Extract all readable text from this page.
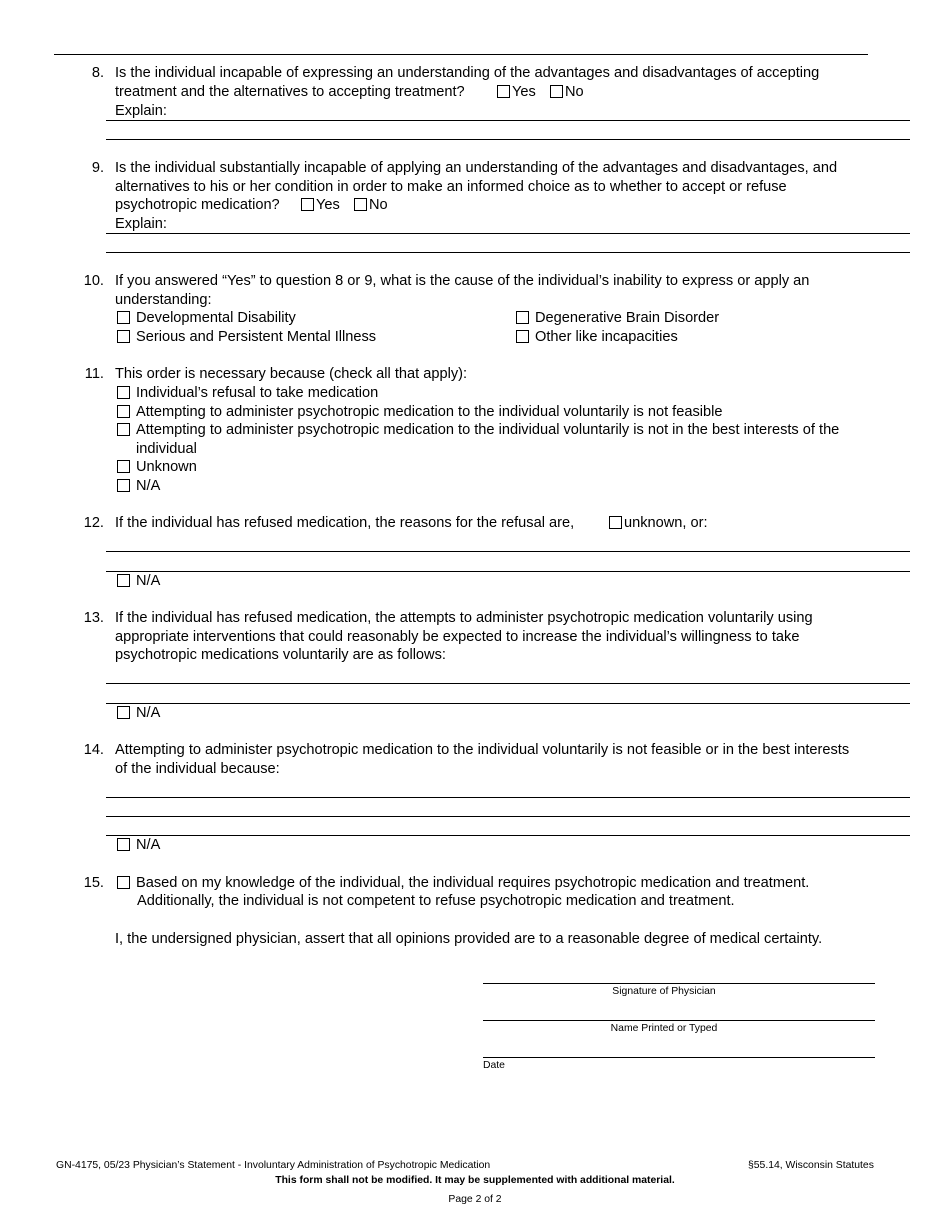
8. Is the individual incapable of expressing an understanding of the advantages and disadvantages of accepting
treatment and the alternatives to accepting treatment?	Yes No
Explain:
9. Is the individual substantially incapable of applying an understanding of the advantages and disadvantages, and
alternatives to his or her condition in order to make an informed choice as to whether to accept or refuse
psychotropic medication? Yes No
Explain:
10. If you answered “Yes” to question 8 or 9, what is the cause of the individual’s inability to express or apply an
understanding:
Developmental Disability	Degenerative Brain Disorder
Serious and Persistent Mental Illness	Other like incapacities
11. This order is necessary because (check all that apply):
Individual’s refusal to take medication
Attempting to administer psychotropic medication to the individual voluntarily is not feasible
Attempting to administer psychotropic medication to the individual voluntarily is not in the best interests of the
individual
Unknown
N/A
12. If the individual has refused medication, the reasons for the refusal are,	unknown, or:
N/A
13. If the individual has refused medication, the attempts to administer psychotropic medication voluntarily using
appropriate interventions that could reasonably be expected to increase the individual’s willingness to take
psychotropic medications voluntarily are as follows:
N/A
14. Attempting to administer psychotropic medication to the individual voluntarily is not feasible or in the best interests
of the individual because:
N/A
15. Based on my knowledge of the individual, the individual requires psychotropic medication and treatment.
Additionally, the individual is not competent to refuse psychotropic medication and treatment.
I, the undersigned physician, assert that all opinions provided are to a reasonable degree of medical certainty.
Signature of Physician
Name Printed or Typed
Date
GN-4175, 05/23 Physician’s Statement - Involuntary Administration of Psychotropic Medication	§55.14, Wisconsin Statutes
This form shall not be modified. It may be supplemented with additional material.
Page 2 of 2
